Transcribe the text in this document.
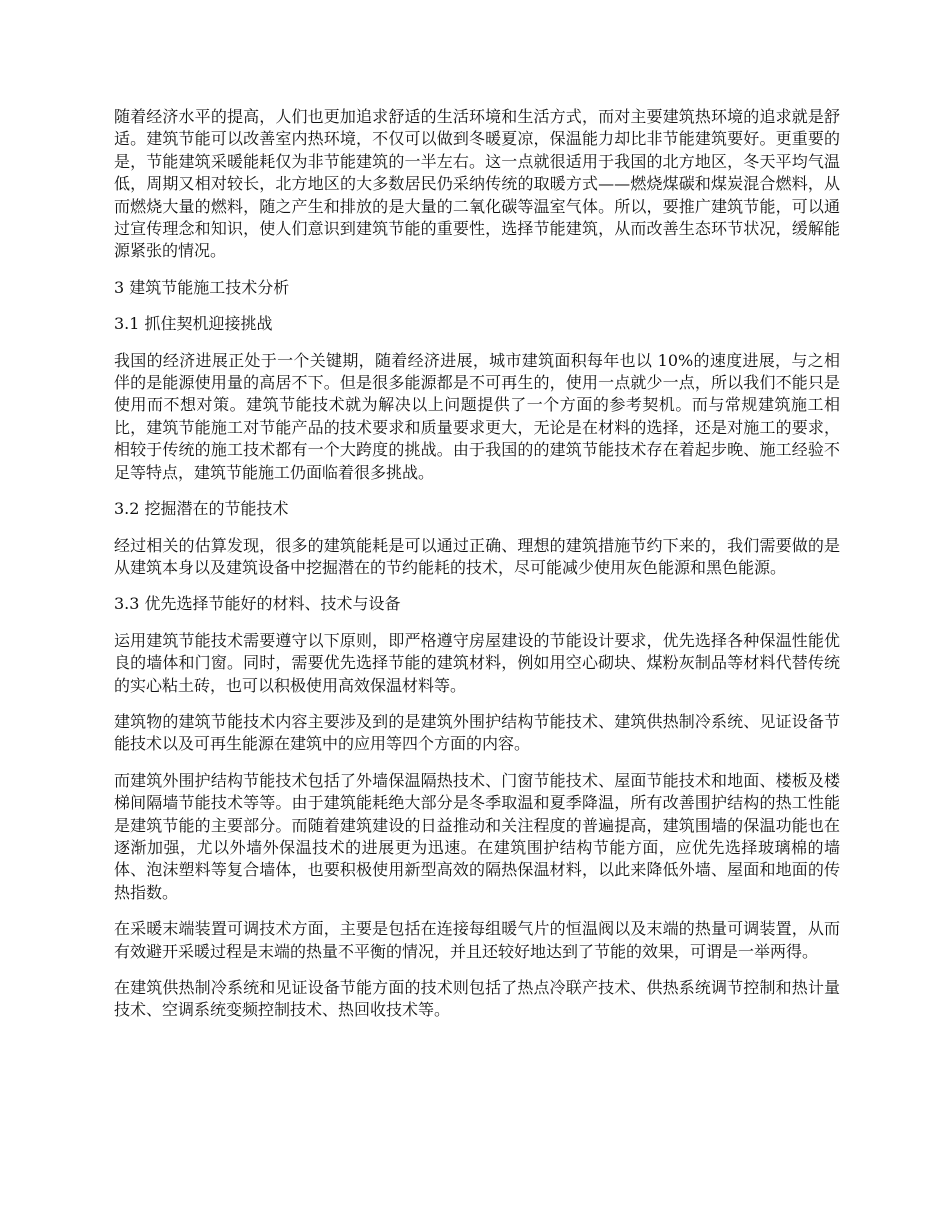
随着经济水平的提高，人们也更加追求舒适的生活环境和生活方式，而对主要建筑热环境的追求就是舒适。建筑节能可以改善室内热环境，不仅可以做到冬暖夏凉，保温能力却比非节能建筑要好。更重要的是，节能建筑采暖能耗仅为非节能建筑的一半左右。这一点就很适用于我国的北方地区，冬天平均气温低，周期又相对较长，北方地区的大多数居民仍采纳传统的取暖方式——燃烧煤碳和煤炭混合燃料，从而燃烧大量的燃料，随之产生和排放的是大量的二氧化碳等温室气体。所以，要推广建筑节能，可以通过宣传理念和知识，使人们意识到建筑节能的重要性，选择节能建筑，从而改善生态环节状况，缓解能源紧张的情况。

3 建筑节能施工技术分析

3.1 抓住契机迎接挑战

我国的经济进展正处于一个关键期，随着经济进展，城市建筑面积每年也以 10%的速度进展，与之相伴的是能源使用量的高居不下。但是很多能源都是不可再生的，使用一点就少一点，所以我们不能只是使用而不想对策。建筑节能技术就为解决以上问题提供了一个方面的参考契机。而与常规建筑施工相比，建筑节能施工对节能产品的技术要求和质量要求更大，无论是在材料的选择，还是对施工的要求，相较于传统的施工技术都有一个大跨度的挑战。由于我国的的建筑节能技术存在着起步晚、施工经验不足等特点，建筑节能施工仍面临着很多挑战。

3.2 挖掘潜在的节能技术

经过相关的估算发现，很多的建筑能耗是可以通过正确、理想的建筑措施节约下来的，我们需要做的是从建筑本身以及建筑设备中挖掘潜在的节约能耗的技术，尽可能减少使用灰色能源和黑色能源。

3.3 优先选择节能好的材料、技术与设备

运用建筑节能技术需要遵守以下原则，即严格遵守房屋建设的节能设计要求，优先选择各种保温性能优良的墙体和门窗。同时，需要优先选择节能的建筑材料，例如用空心砌块、煤粉灰制品等材料代替传统的实心粘土砖，也可以积极使用高效保温材料等。

建筑物的建筑节能技术内容主要涉及到的是建筑外围护结构节能技术、建筑供热制冷系统、见证设备节能技术以及可再生能源在建筑中的应用等四个方面的内容。

而建筑外围护结构节能技术包括了外墙保温隔热技术、门窗节能技术、屋面节能技术和地面、楼板及楼梯间隔墙节能技术等等。由于建筑能耗绝大部分是冬季取温和夏季降温，所有改善围护结构的热工性能是建筑节能的主要部分。而随着建筑建设的日益推动和关注程度的普遍提高，建筑围墙的保温功能也在逐渐加强，尤以外墙外保温技术的进展更为迅速。在建筑围护结构节能方面，应优先选择玻璃棉的墙体、泡沫塑料等复合墙体，也要积极使用新型高效的隔热保温材料，以此来降低外墙、屋面和地面的传热指数。

在采暖末端装置可调技术方面，主要是包括在连接每组暖气片的恒温阀以及末端的热量可调装置，从而有效避开采暖过程是末端的热量不平衡的情况，并且还较好地达到了节能的效果，可谓是一举两得。

在建筑供热制冷系统和见证设备节能方面的技术则包括了热点冷联产技术、供热系统调节控制和热计量技术、空调系统变频控制技术、热回收技术等。
